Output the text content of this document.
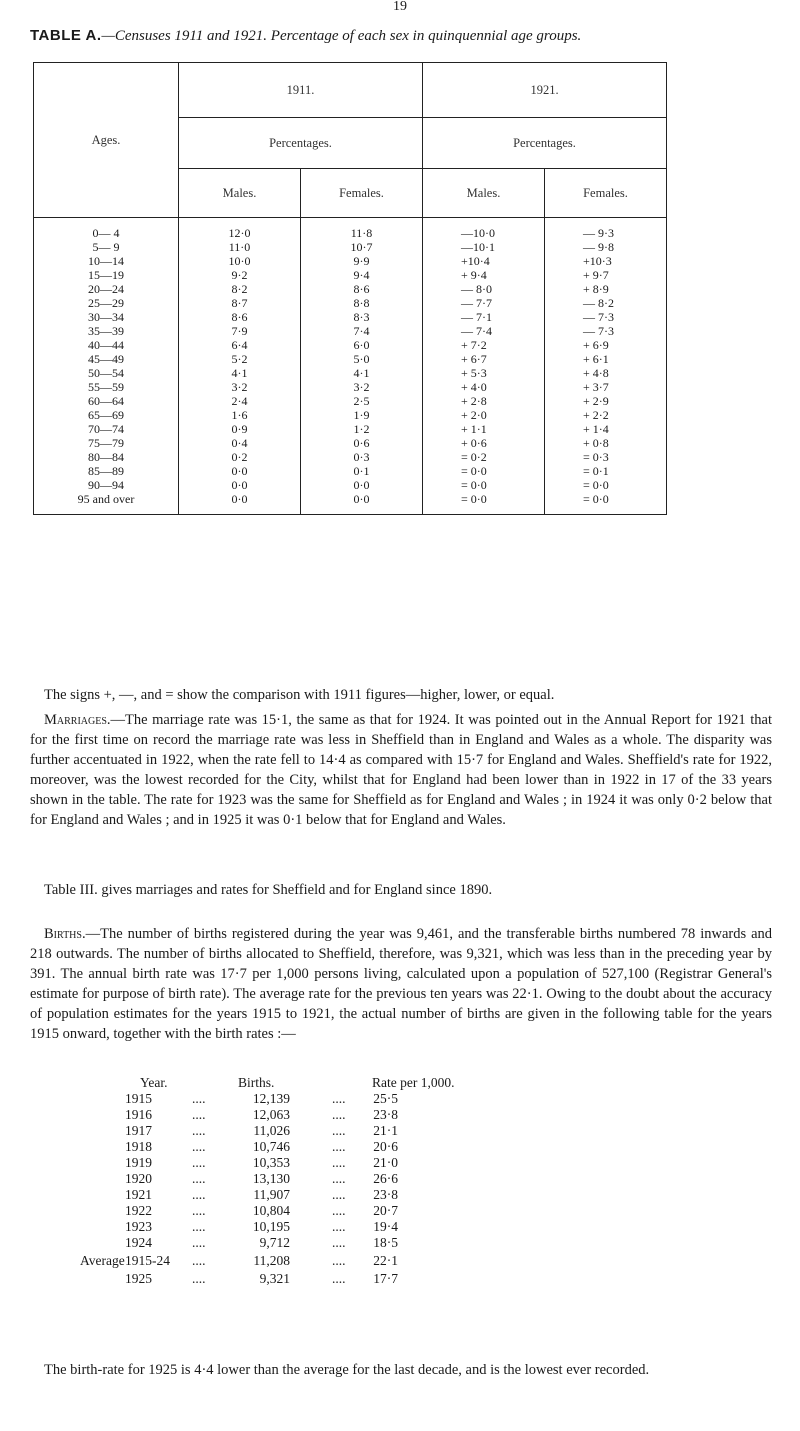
19
TABLE A.—Censuses 1911 and 1921. Percentage of each sex in quinquennial age groups.
Ages.	1911.		1921.	
	Percentages.		Percentages.	
	Males.	Females.	Males.	Females.
0— 4	12·0	11·8	—10·0	— 9·3
5— 9	11·0	10·7	—10·1	— 9·8
10—14	10·0	9·9	+10·4	+10·3
15—19	9·2	9·4	+ 9·4	+ 9·7
20—24	8·2	8·6	— 8·0	+ 8·9
25—29	8·7	8·8	— 7·7	— 8·2
30—34	8·6	8·3	— 7·1	— 7·3
35—39	7·9	7·4	— 7·4	— 7·3
40—44	6·4	6·0	+ 7·2	+ 6·9
45—49	5·2	5·0	+ 6·7	+ 6·1
50—54	4·1	4·1	+ 5·3	+ 4·8
55—59	3·2	3·2	+ 4·0	+ 3·7
60—64	2·4	2·5	+ 2·8	+ 2·9
65—69	1·6	1·9	+ 2·0	+ 2·2
70—74	0·9	1·2	+ 1·1	+ 1·4
75—79	0·4	0·6	+ 0·6	+ 0·8
80—84	0·2	0·3	= 0·2	= 0·3
85—89	0·0	0·1	= 0·0	= 0·1
90—94	0·0	0·0	= 0·0	= 0·0
95 and over	0·0	0·0	= 0·0	= 0·0
The signs +, —, and = show the comparison with 1911 figures—higher, lower, or equal.
Marriages.—The marriage rate was 15·1, the same as that for 1924. It was pointed out in the Annual Report for 1921 that for the first time on record the marriage rate was less in Sheffield than in England and Wales as a whole. The disparity was further accentuated in 1922, when the rate fell to 14·4 as compared with 15·7 for England and Wales. Sheffield's rate for 1922, moreover, was the lowest recorded for the City, whilst that for England had been lower than in 1922 in 17 of the 33 years shown in the table. The rate for 1923 was the same for Sheffield as for England and Wales ; in 1924 it was only 0·2 below that for England and Wales ; and in 1925 it was 0·1 below that for England and Wales.
Table III. gives marriages and rates for Sheffield and for England since 1890.
Births.—The number of births registered during the year was 9,461, and the transferable births numbered 78 inwards and 218 outwards. The number of births allocated to Sheffield, therefore, was 9,321, which was less than in the preceding year by 391. The annual birth rate was 17·7 per 1,000 persons living, calculated upon a population of 527,100 (Registrar General's estimate for purpose of birth rate). The average rate for the previous ten years was 22·1. Owing to the doubt about the accuracy of population estimates for the years 1915 to 1921, the actual number of births are given in the following table for the years 1915 onward, together with the birth rates :—
Year.	Births.	Rate per 1,000.
1915	....	12,139	....	25·5
1916	....	12,063	....	23·8
1917	....	11,026	....	21·1
1918	....	10,746	....	20·6
1919	....	10,353	....	21·0
1920	....	13,130	....	26·6
1921	....	11,907	....	23·8
1922	....	10,804	....	20·7
1923	....	10,195	....	19·4
1924	....	9,712	....	18·5
Average 1915-24 ....	11,208	....	22·1
1925	....	9,321	....	17·7
The birth-rate for 1925 is 4·4 lower than the average for the last decade, and is the lowest ever recorded.
